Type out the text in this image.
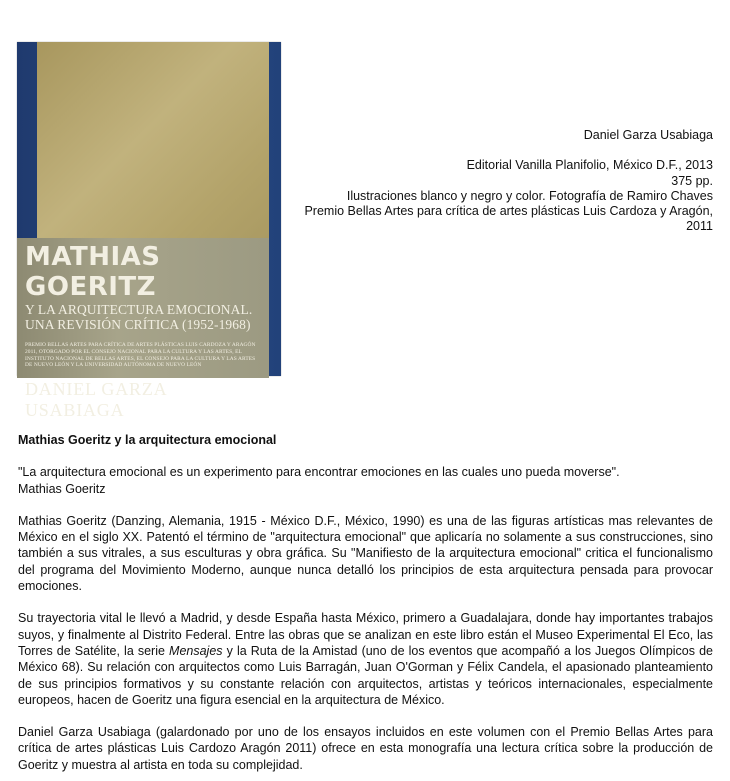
MATHIAS GOERITZ
Y LA ARQUITECTURA EMOCIONAL.
UNA REVISIÓN CRÍTICA (1952-1968)
PREMIO BELLAS ARTES PARA CRÍTICA DE ARTES PLÁSTICAS LUIS CARDOZA Y ARAGÓN 2011, OTORGADO POR EL CONSEJO NACIONAL PARA LA CULTURA Y LAS ARTES, EL INSTITUTO NACIONAL DE BELLAS ARTES, EL CONSEJO PARA LA CULTURA Y LAS ARTES DE NUEVO LEÓN Y LA UNIVERSIDAD AUTÓNOMA DE NUEVO LEÓN
DANIEL GARZA USABIAGA
Daniel Garza Usabiaga
Editorial Vanilla Planifolio, México D.F., 2013
375 pp.
Ilustraciones blanco y negro y color. Fotografía de Ramiro Chaves
Premio Bellas Artes para crítica de artes plásticas Luis Cardoza y Aragón,
2011
Mathias Goeritz y la arquitectura emocional
"La arquitectura emocional es un experimento para encontrar emociones en las cuales uno pueda moverse".
Mathias Goeritz
Mathias Goeritz (Danzing, Alemania, 1915 - México D.F., México, 1990) es una de las figuras artísticas mas relevantes de México en el siglo XX. Patentó el término de "arquitectura emocional" que aplicaría no solamente a sus construcciones, sino también a sus vitrales, a sus esculturas y obra gráfica. Su "Manifiesto de la arquitectura emocional" critica el funcionalismo del programa del Movimiento Moderno, aunque nunca detalló los principios de esta arquitectura pensada para provocar emociones.
Su trayectoria vital le llevó a Madrid, y desde España hasta México, primero a Guadalajara, donde hay importantes trabajos suyos, y finalmente al Distrito Federal. Entre las obras que se analizan en este libro están el Museo Experimental El Eco, las Torres de Satélite, la serie Mensajes y la Ruta de la Amistad (uno de los eventos que acompañó a los Juegos Olímpicos de México 68). Su relación con arquitectos como Luis Barragán, Juan O'Gorman y Félix Candela, el apasionado planteamiento de sus principios formativos y su constante relación con arquitectos, artistas y teóricos internacionales, especialmente europeos, hacen de Goeritz una figura esencial en la arquitectura de México.
Daniel Garza Usabiaga (galardonado por uno de los ensayos incluidos en este volumen con el Premio Bellas Artes para crítica de artes plásticas Luis Cardozo Aragón 2011) ofrece en esta monografía una lectura crítica sobre la producción de Goeritz y muestra al artista en toda su complejidad.
